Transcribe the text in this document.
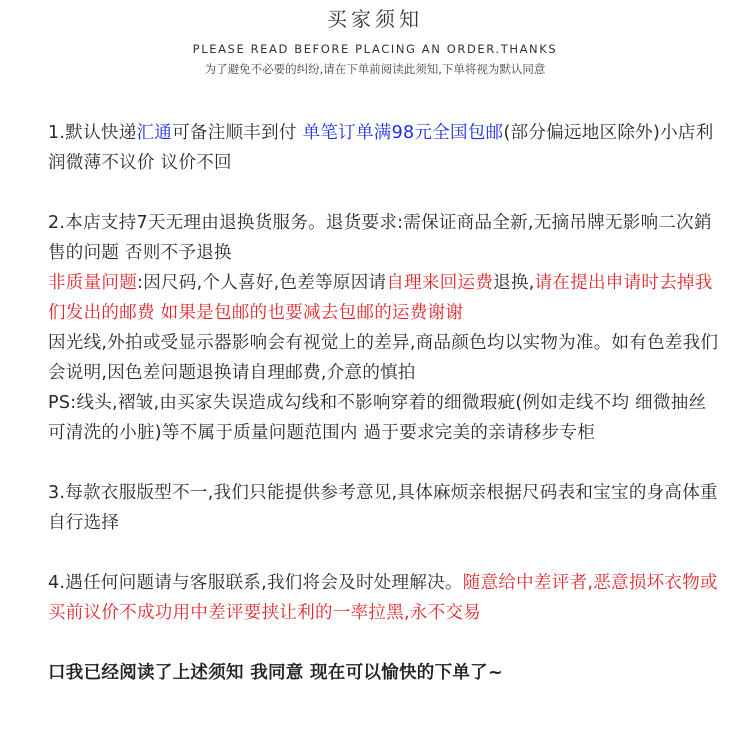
买家须知
PLEASE READ BEFORE PLACING AN ORDER.THANKS
为了避免不必要的纠纷,请在下单前阅读此须知,下单将视为默认同意

1.默认快递汇通可备注顺丰到付 单笔订单满98元全国包邮(部分偏远地区除外)小店利润微薄不议价 议价不回

2.本店支持7天无理由退换货服务。退货要求:需保证商品全新,无摘吊牌无影响二次銷售的问题 否则不予退换
非质量问题:因尺码,个人喜好,色差等原因请自理来回运费退换,请在提出申请时去掉我们发出的邮费 如果是包邮的也要减去包邮的运费谢谢
因光线,外拍或受显示器影响会有视觉上的差异,商品颜色均以实物为准。如有色差我们会说明,因色差问题退换请自理邮费,介意的慎拍
PS:线头,褶皱,由买家失误造成勾线和不影响穿着的细微瑕疵(例如走线不均 细微抽丝 可清洗的小脏)等不属于质量问题范围内 過于要求完美的亲请移步专柜

3.每款衣服版型不一,我们只能提供参考意见,具体麻烦亲根据尺码表和宝宝的身高体重自行选择

4.遇任何问题请与客服联系,我们将会及时处理解决。随意给中差评者,恶意损坏衣物或买前议价不成功用中差评要挟让利的一率拉黑,永不交易

口我已经阅读了上述须知 我同意 现在可以愉快的下单了~
